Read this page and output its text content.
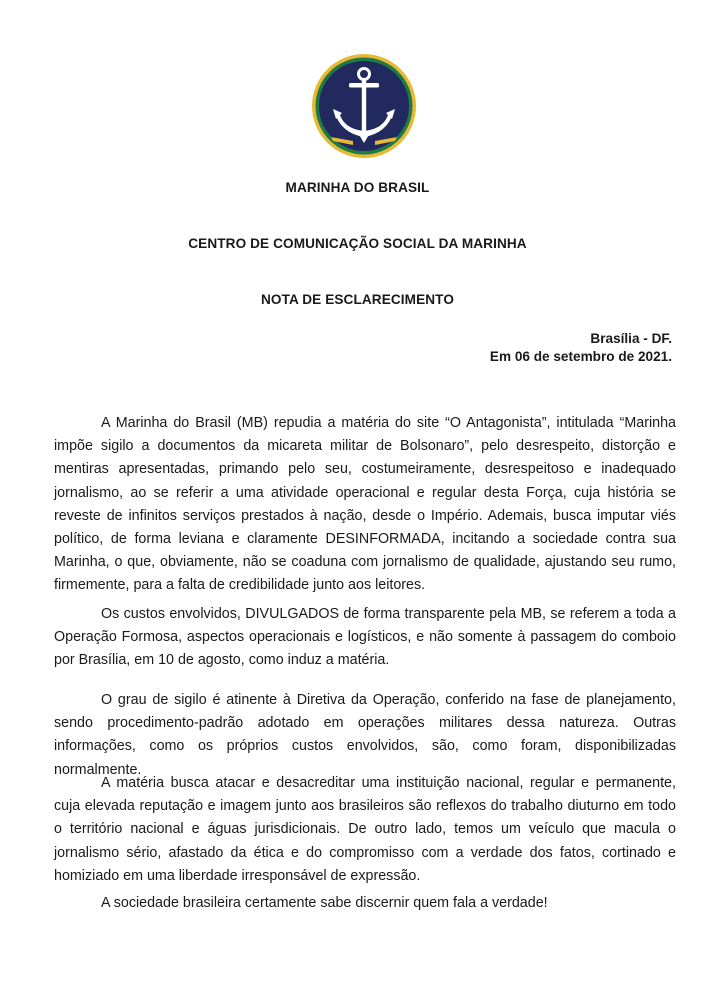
MARINHA DO BRASIL
CENTRO DE COMUNICAÇÃO SOCIAL DA MARINHA
NOTA DE ESCLARECIMENTO
Brasília - DF.
Em 06 de setembro de 2021.

A Marinha do Brasil (MB) repudia a matéria do site “O Antagonista”, intitulada “Marinha impõe sigilo a documentos da micareta militar de Bolsonaro”, pelo desrespeito, distorção e mentiras apresentadas, primando pelo seu, costumeiramente, desrespeitoso e inadequado jornalismo, ao se referir a uma atividade operacional e regular desta Força, cuja história se reveste de infinitos serviços prestados à nação, desde o Império. Ademais, busca imputar viés político, de forma leviana e claramente DESINFORMADA, incitando a sociedade contra sua Marinha, o que, obviamente, não se coaduna com jornalismo de qualidade, ajustando seu rumo, firmemente, para a falta de credibilidade junto aos leitores.

Os custos envolvidos, DIVULGADOS de forma transparente pela MB, se referem a toda a Operação Formosa, aspectos operacionais e logísticos, e não somente à passagem do comboio por Brasília, em 10 de agosto, como induz a matéria.

O grau de sigilo é atinente à Diretiva da Operação, conferido na fase de planejamento, sendo procedimento-padrão adotado em operações militares dessa natureza. Outras informações, como os próprios custos envolvidos, são, como foram, disponibilizadas normalmente.

A matéria busca atacar e desacreditar uma instituição nacional, regular e permanente, cuja elevada reputação e imagem junto aos brasileiros são reflexos do trabalho diuturno em todo o território nacional e águas jurisdicionais. De outro lado, temos um veículo que macula o jornalismo sério, afastado da ética e do compromisso com a verdade dos fatos, cortinado e homiziado em uma liberdade irresponsável de expressão.

A sociedade brasileira certamente sabe discernir quem fala a verdade!
